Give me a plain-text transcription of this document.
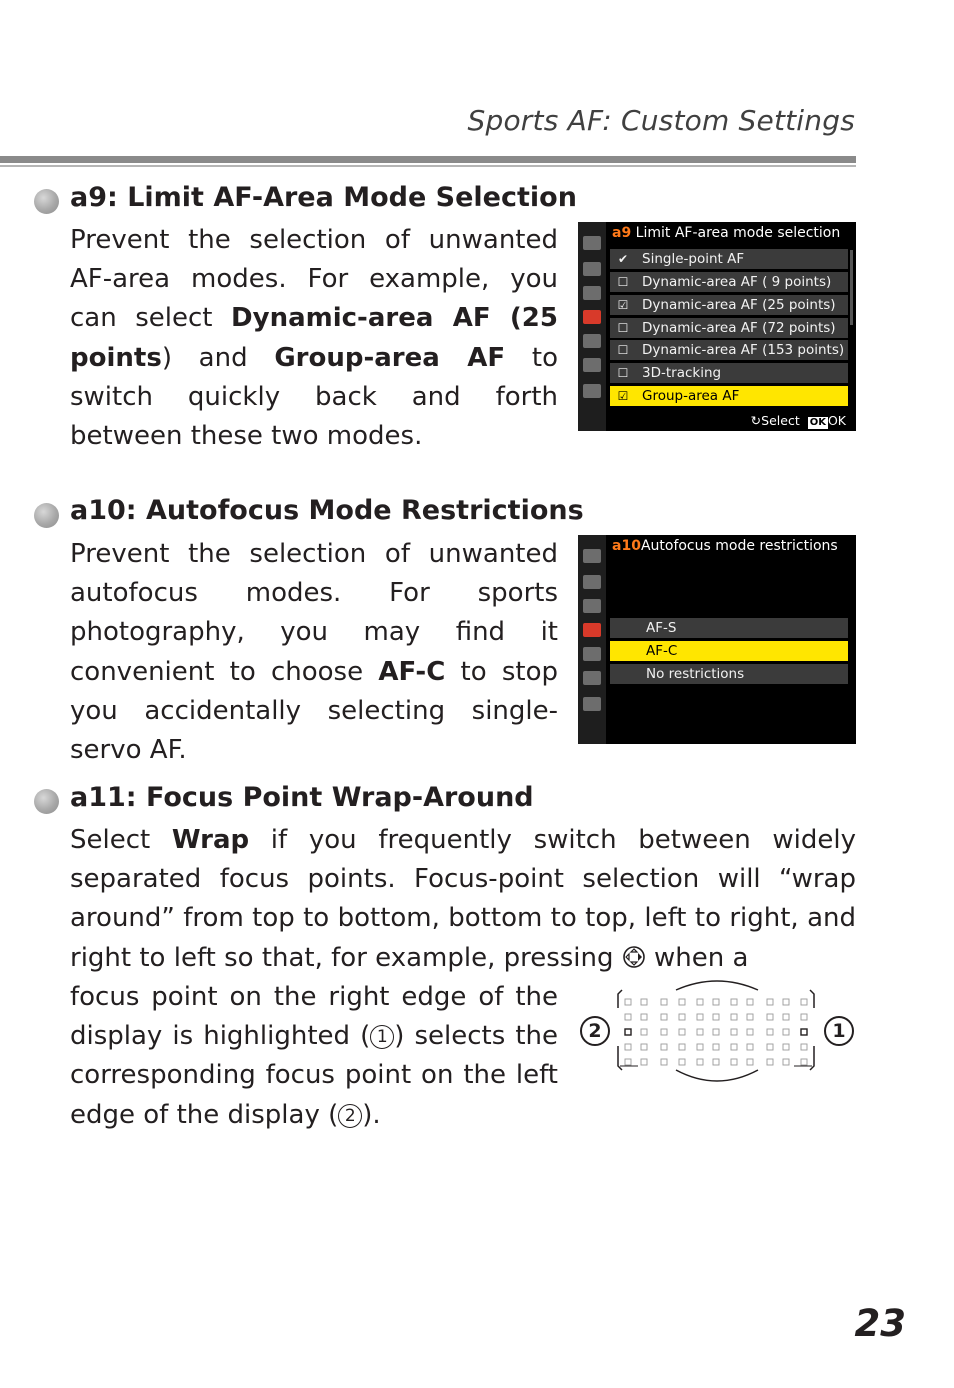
Sports AF: Custom Settings
a9: Limit AF-Area Mode Selection

Prevent the selection of unwanted AF-area modes. For example, you can select Dynamic-area AF (25 points) and Group-area AF to switch quickly back and forth between these two modes.

a9 Limit AF-area mode selection
✔ Single-point AF
☐ Dynamic-area AF ( 9 points)
☑ Dynamic-area AF (25 points)
☐ Dynamic-area AF (72 points)
☐ Dynamic-area AF (153 points)
☐ 3D-tracking
☑ Group-area AF
↻Select OK OK
a10: Autofocus Mode Restrictions

Prevent the selection of unwanted autofocus modes. For sports photography, you may find it convenient to choose AF-C to stop you accidentally selecting single-servo AF.

a10Autofocus mode restrictions
AF-S
AF-C
No restrictions
a11: Focus Point Wrap-Around

Select Wrap if you frequently switch between widely separated focus points. Focus-point selection will “wrap around” from top to bottom, bottom to top, left to right, and right to left so that, for example, pressing  when a

focus point on the right edge of the display is highlighted ( 1 ) selects the corresponding focus point on the left edge of the display ( 2 ).

2	1
23
